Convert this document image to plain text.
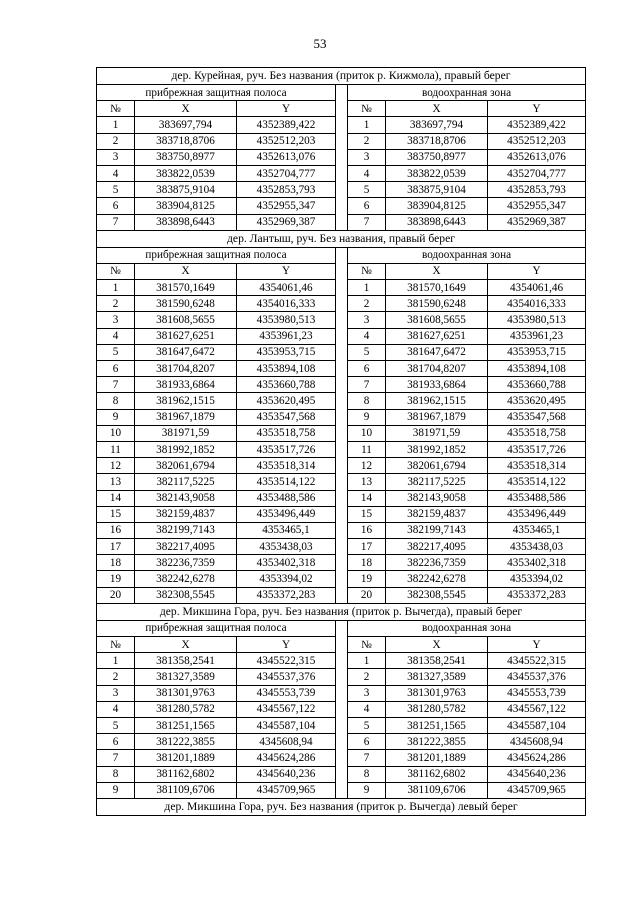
53
дер. Курейная, руч. Без названия (приток р. Кижмола), правый берег						
прибрежная защитная полоса				водоохранная зона		
№	X	Y		№	X	Y
1	383697,794	4352389,422		1	383697,794	4352389,422
2	383718,8706	4352512,203		2	383718,8706	4352512,203
3	383750,8977	4352613,076		3	383750,8977	4352613,076
4	383822,0539	4352704,777		4	383822,0539	4352704,777
5	383875,9104	4352853,793		5	383875,9104	4352853,793
6	383904,8125	4352955,347		6	383904,8125	4352955,347
7	383898,6443	4352969,387		7	383898,6443	4352969,387
дер. Лантыш, руч. Без названия, правый берег						
прибрежная защитная полоса				водоохранная зона		
№	X	Y		№	X	Y
1	381570,1649	4354061,46		1	381570,1649	4354061,46
2	381590,6248	4354016,333		2	381590,6248	4354016,333
3	381608,5655	4353980,513		3	381608,5655	4353980,513
4	381627,6251	4353961,23		4	381627,6251	4353961,23
5	381647,6472	4353953,715		5	381647,6472	4353953,715
6	381704,8207	4353894,108		6	381704,8207	4353894,108
7	381933,6864	4353660,788		7	381933,6864	4353660,788
8	381962,1515	4353620,495		8	381962,1515	4353620,495
9	381967,1879	4353547,568		9	381967,1879	4353547,568
10	381971,59	4353518,758		10	381971,59	4353518,758
11	381992,1852	4353517,726		11	381992,1852	4353517,726
12	382061,6794	4353518,314		12	382061,6794	4353518,314
13	382117,5225	4353514,122		13	382117,5225	4353514,122
14	382143,9058	4353488,586		14	382143,9058	4353488,586
15	382159,4837	4353496,449		15	382159,4837	4353496,449
16	382199,7143	4353465,1		16	382199,7143	4353465,1
17	382217,4095	4353438,03		17	382217,4095	4353438,03
18	382236,7359	4353402,318		18	382236,7359	4353402,318
19	382242,6278	4353394,02		19	382242,6278	4353394,02
20	382308,5545	4353372,283		20	382308,5545	4353372,283
дер. Микшина Гора, руч. Без названия (приток р. Вычегда), правый берег						
прибрежная защитная полоса				водоохранная зона		
№	X	Y		№	X	Y
1	381358,2541	4345522,315		1	381358,2541	4345522,315
2	381327,3589	4345537,376		2	381327,3589	4345537,376
3	381301,9763	4345553,739		3	381301,9763	4345553,739
4	381280,5782	4345567,122		4	381280,5782	4345567,122
5	381251,1565	4345587,104		5	381251,1565	4345587,104
6	381222,3855	4345608,94		6	381222,3855	4345608,94
7	381201,1889	4345624,286		7	381201,1889	4345624,286
8	381162,6802	4345640,236		8	381162,6802	4345640,236
9	381109,6706	4345709,965		9	381109,6706	4345709,965
дер. Микшина Гора, руч. Без названия (приток р. Вычегда) левый берег						
